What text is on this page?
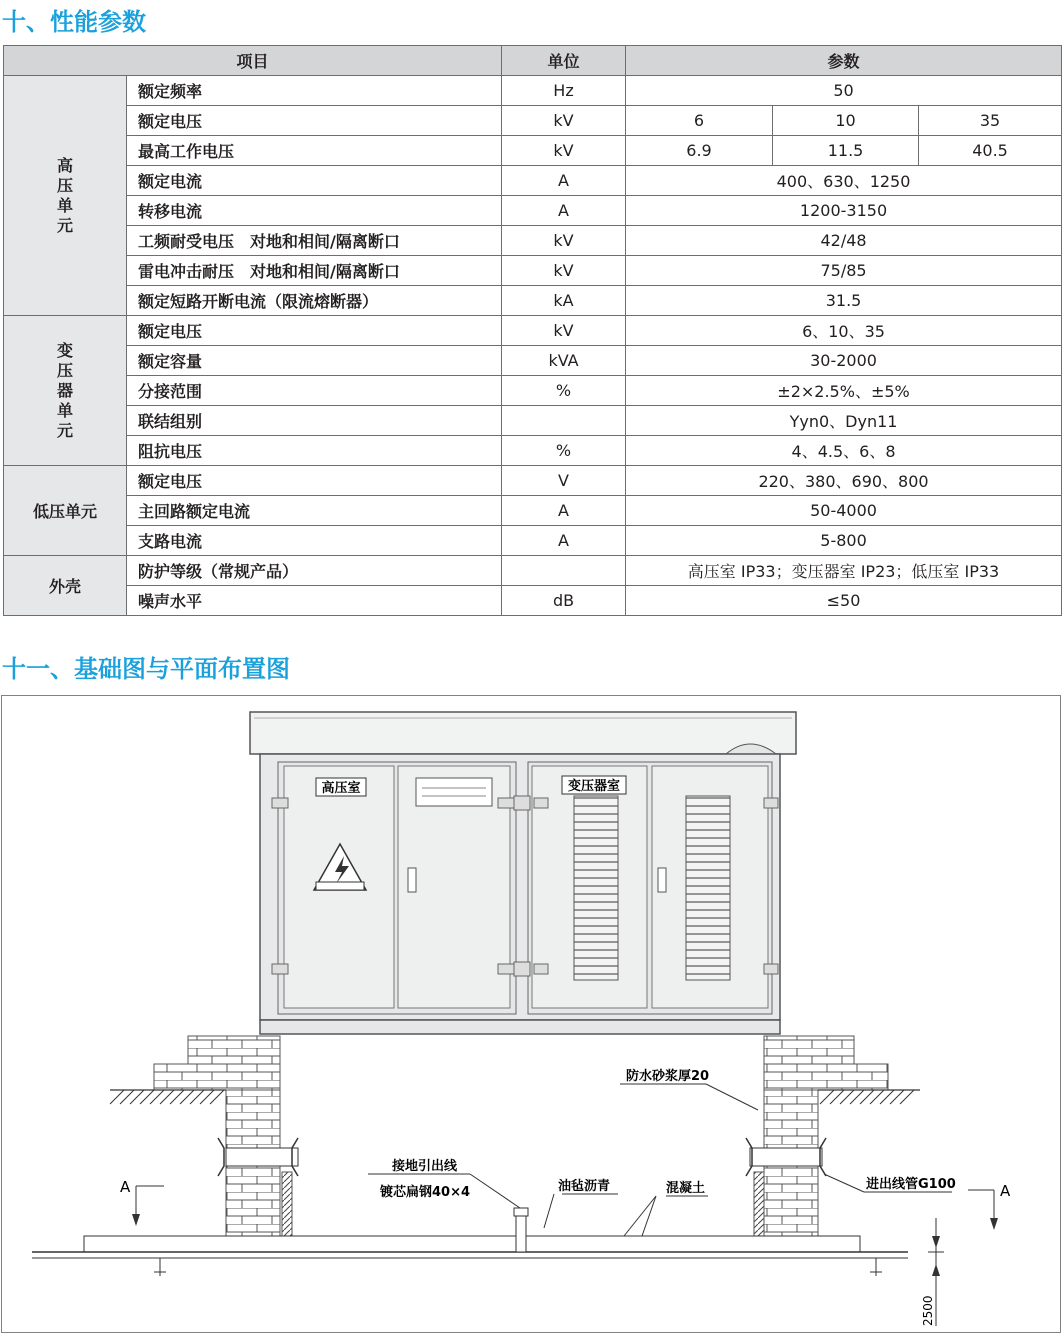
十、性能参数
项目		单位	参数		
高压单元	额定频率	Hz	50		
	额定电压	kV	6	10	35
	最高工作电压	kV	6.9	11.5	40.5
	额定电流	A	400、630、1250		
	转移电流	A	1200-3150		
	工频耐受电压　对地和相间/隔离断口	kV	42/48		
	雷电冲击耐压　对地和相间/隔离断口	kV	75/85		
	额定短路开断电流（限流熔断器）	kA	31.5		
变压器单元	额定电压	kV	6、10、35		
	额定容量	kVA	30-2000		
	分接范围	%	±2×2.5%、±5%		
	联结组别		Yyn0、Dyn11		
	阻抗电压	%	4、4.5、6、8		
低压单元	额定电压	V	220、380、690、800		
	主回路额定电流	A	50-4000		
	支路电流	A	5-800		
外壳	防护等级（常规产品）		高压室 IP33；变压器室 IP23；低压室 IP33		
	噪声水平	dB	≤50		
十一、基础图与平面布置图
高压室	变压器室
A	A
2500
防水砂浆厚20
接地引出线
镀芯扁钢40×4	油毡沥青	混凝土	进出线管G100
